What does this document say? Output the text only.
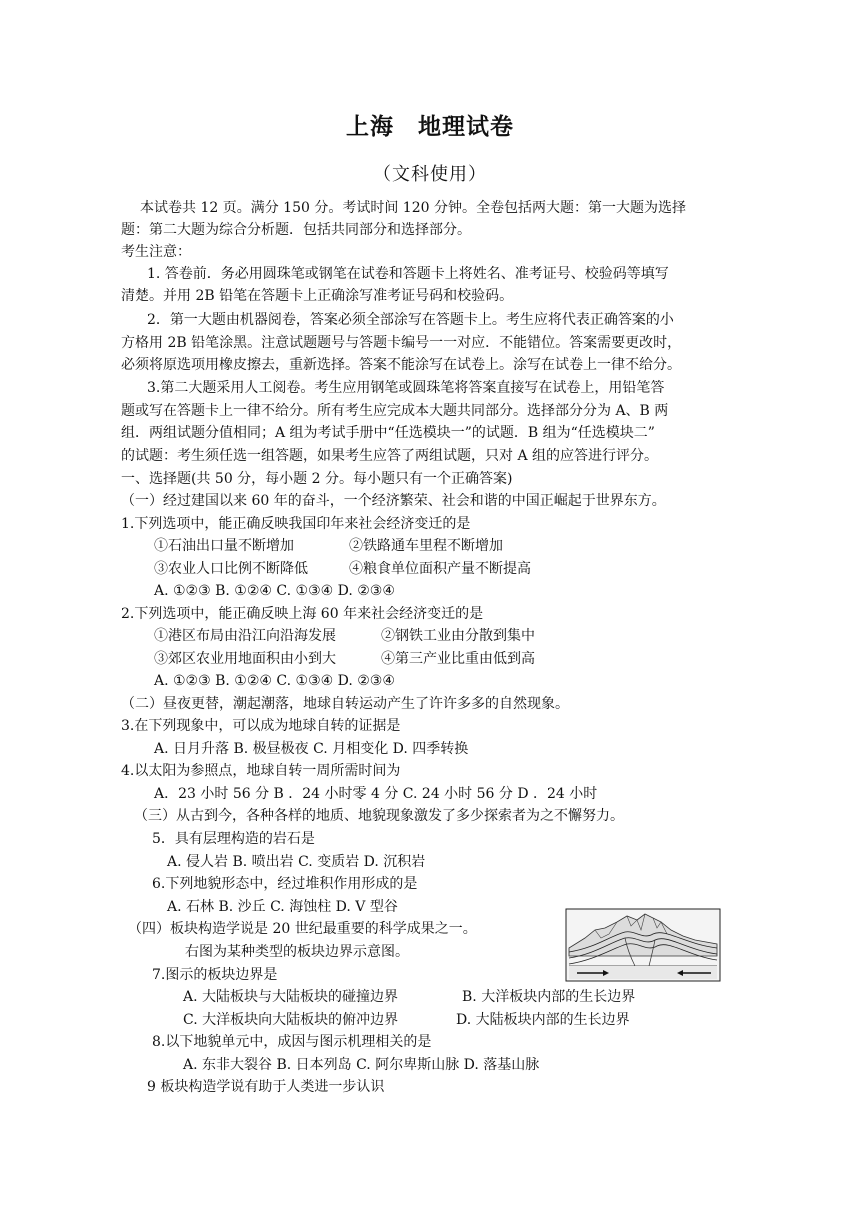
上海　地理试卷
（文科使用）
本试卷共 12 页。满分 150 分。考试时间 120 分钟。全卷包括两大题：第一大题为选择
题：第二大题为综合分析题．包括共同部分和选择部分。
考生注意：
1. 答卷前．务必用圆珠笔或钢笔在试卷和答题卡上将姓名、准考证号、校验码等填写
清楚。并用 2B 铅笔在答题卡上正确涂写准考证号码和校验码。
2．第一大题由机器阅卷，答案必须全部涂写在答题卡上。考生应将代表正确答案的小
方格用 2B 铅笔涂黑。注意试题题号与答题卡编号一一对应．不能错位。答案需要更改时，
必须将原选项用橡皮擦去，重新选择。答案不能涂写在试卷上。涂写在试卷上一律不给分。
3.第二大题采用人工阅卷。考生应用钢笔或圆珠笔将答案直接写在试卷上，用铅笔答
题或写在答题卡上一律不给分。所有考生应完成本大题共同部分。选择部分分为 A、B 两
组．两组试题分值相同；A 组为考试手册中“任选模块一”的试题．B 组为“任选模块二”
的试题：考生须任选一组答题，如果考生应答了两组试题，只对 A 组的应答进行评分。
一、选择题(共 50 分，每小题 2 分。每小题只有一个正确答案)
（一）经过建国以来 60 年的奋斗，一个经济繁荣、社会和谐的中国正崛起于世界东方。
1.下列选项中，能正确反映我国印年来社会经济变迁的是
①石油出口量不断增加	②铁路通车里程不断增加
③农业人口比例不断降低	④粮食单位面积产量不断提高
A. ①②③ B. ①②④ C. ①③④ D. ②③④
2.下列选项中，能正确反映上海 60 年来社会经济变迁的是
①港区布局由沿江向沿海发展	②钢铁工业由分散到集中
③郊区农业用地面积由小到大	④第三产业比重由低到高
A. ①②③ B. ①②④ C. ①③④ D. ②③④
（二）昼夜更替，潮起潮落，地球自转运动产生了许许多多的自然现象。
3.在下列现象中，可以成为地球自转的证据是
A. 日月升落 B. 极昼极夜 C. 月相变化 D. 四季转换
4.以太阳为参照点，地球自转一周所需时间为
A．23 小时 56 分 B ．24 小时零 4 分 C. 24 小时 56 分 D ．24 小时
（三）从古到今，各种各样的地质、地貌现象激发了多少探索者为之不懈努力。
5．具有层理构造的岩石是
A. 侵人岩 B. 喷出岩 C. 变质岩 D. 沉积岩
6.下列地貌形态中，经过堆积作用形成的是
A. 石林 B. 沙丘 C. 海蚀柱 D. V 型谷
（四）板块构造学说是 20 世纪最重要的科学成果之一。
右图为某种类型的板块边界示意图。
7.图示的板块边界是
A. 大陆板块与大陆板块的碰撞边界	B. 大洋板块内部的生长边界
C. 大洋板块向大陆板块的俯冲边界	D. 大陆板块内部的生长边界
8.以下地貌单元中，成因与图示机理相关的是
A. 东非大裂谷 B. 日本列岛 C. 阿尔卑斯山脉 D. 落基山脉
9 板块构造学说有助于人类进一步认识
